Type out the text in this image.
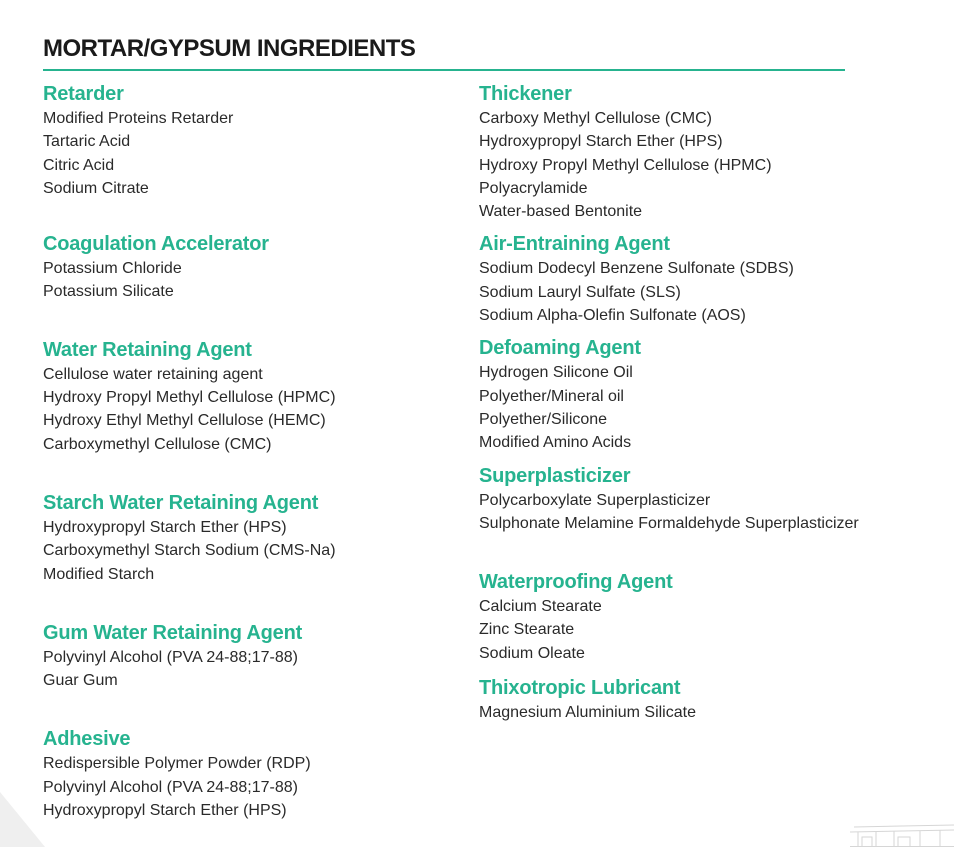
MORTAR/GYPSUM INGREDIENTS
Retarder
Modified Proteins Retarder
Tartaric Acid
Citric Acid
Sodium Citrate
Coagulation Accelerator
Potassium Chloride
Potassium Silicate
Water Retaining Agent
Cellulose water retaining agent
Hydroxy Propyl Methyl Cellulose (HPMC)
Hydroxy Ethyl Methyl Cellulose (HEMC)
Carboxymethyl Cellulose (CMC)
Starch Water Retaining Agent
Hydroxypropyl Starch Ether (HPS)
Carboxymethyl Starch Sodium (CMS-Na)
Modified Starch
Gum Water Retaining Agent
Polyvinyl Alcohol (PVA 24-88;17-88)
Guar Gum
Adhesive
Redispersible Polymer Powder (RDP)
Polyvinyl Alcohol (PVA 24-88;17-88)
Hydroxypropyl Starch Ether (HPS)
Thickener
Carboxy Methyl Cellulose (CMC)
Hydroxypropyl Starch Ether (HPS)
Hydroxy Propyl Methyl Cellulose (HPMC)
Polyacrylamide
Water-based Bentonite
Air-Entraining Agent
Sodium Dodecyl Benzene Sulfonate (SDBS)
Sodium Lauryl Sulfate (SLS)
Sodium Alpha-Olefin Sulfonate (AOS)
Defoaming Agent
Hydrogen Silicone Oil
Polyether/Mineral oil
Polyether/Silicone
Modified Amino Acids
Superplasticizer
Polycarboxylate Superplasticizer
Sulphonate Melamine Formaldehyde Superplasticizer
Waterproofing Agent
Calcium Stearate
Zinc Stearate
Sodium Oleate
Thixotropic Lubricant
Magnesium Aluminium Silicate
